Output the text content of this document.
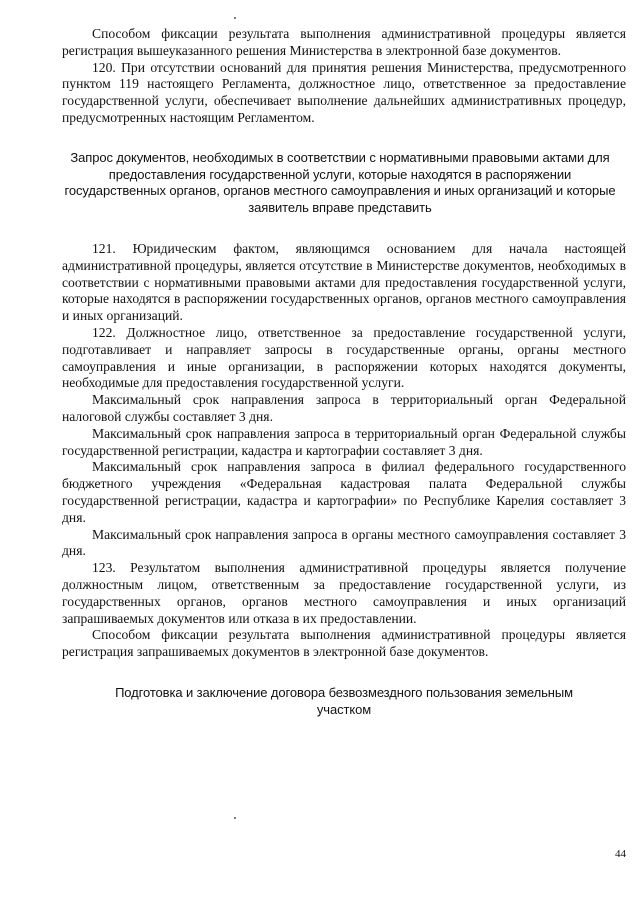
Способом фиксации результата выполнения административной процедуры является регистрация вышеуказанного решения Министерства в электронной базе документов.

120. При отсутствии оснований для принятия решения Министерства, предусмотренного пунктом 119 настоящего Регламента, должностное лицо, ответственное за предоставление государственной услуги, обеспечивает выполнение дальнейших административных процедур, предусмотренных настоящим Регламентом.

Запрос документов, необходимых в соответствии с нормативными правовыми актами для предоставления государственной услуги, которые находятся в распоряжении государственных органов, органов местного самоуправления и иных организаций и которые заявитель вправе представить

121. Юридическим фактом, являющимся основанием для начала настоящей административной процедуры, является отсутствие в Министерстве документов, необходимых в соответствии с нормативными правовыми актами для предоставления государственной услуги, которые находятся в распоряжении государственных органов, органов местного самоуправления и иных организаций.

122. Должностное лицо, ответственное за предоставление государственной услуги, подготавливает и направляет запросы в государственные органы, органы местного самоуправления и иные организации, в распоряжении которых находятся документы, необходимые для предоставления государственной услуги.

Максимальный срок направления запроса в территориальный орган Федеральной налоговой службы составляет 3 дня.

Максимальный срок направления запроса в территориальный орган Федеральной службы государственной регистрации, кадастра и картографии составляет 3 дня.

Максимальный срок направления запроса в филиал федерального государственного бюджетного учреждения «Федеральная кадастровая палата Федеральной службы государственной регистрации, кадастра и картографии» по Республике Карелия составляет 3 дня.

Максимальный срок направления запроса в органы местного самоуправления составляет 3 дня.

123. Результатом выполнения административной процедуры является получение должностным лицом, ответственным за предоставление государственной услуги, из государственных органов, органов местного самоуправления и иных организаций запрашиваемых документов или отказа в их предоставлении.

Способом фиксации результата выполнения административной процедуры является регистрация запрашиваемых документов в электронной базе документов.

Подготовка и заключение договора безвозмездного пользования земельным участком

44
